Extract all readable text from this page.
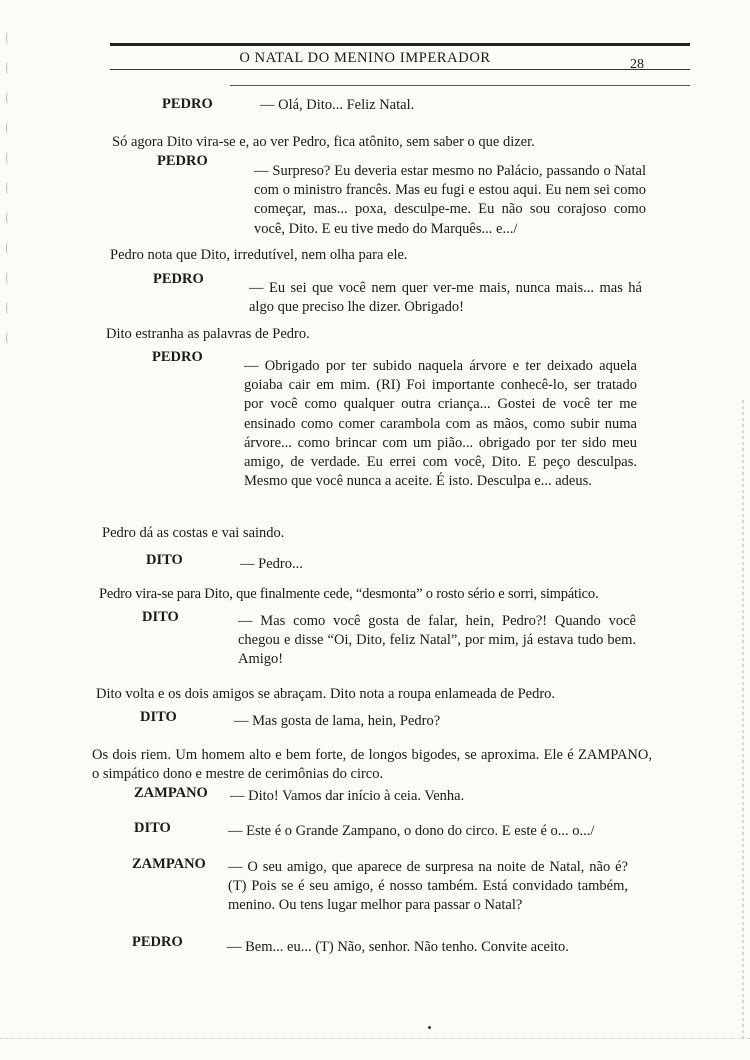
O NATAL DO MENINO IMPERADOR	28
PEDRO	— Olá, Dito... Feliz Natal.
Só agora Dito vira-se e, ao ver Pedro, fica atônito, sem saber o que dizer.
PEDRO
— Surpreso? Eu deveria estar mesmo no Palácio, passando o Natal com o ministro francês. Mas eu fugi e estou aqui. Eu nem sei como começar, mas... poxa, desculpe-me. Eu não sou corajoso como você, Dito. E eu tive medo do Marquês... e.../
Pedro nota que Dito, irredutível, nem olha para ele.
PEDRO
— Eu sei que você nem quer ver-me mais, nunca mais... mas há algo que preciso lhe dizer. Obrigado!
Dito estranha as palavras de Pedro.
PEDRO
— Obrigado por ter subido naquela árvore e ter deixado aquela goiaba cair em mim. (RI) Foi importante conhecê-lo, ser tratado por você como qualquer outra criança... Gostei de você ter me ensinado como comer carambola com as mãos, como subir numa árvore... como brincar com um pião... obrigado por ter sido meu amigo, de verdade. Eu errei com você, Dito. E peço desculpas. Mesmo que você nunca a aceite. É isto. Desculpa e... adeus.
Pedro dá as costas e vai saindo.
DITO	— Pedro...
Pedro vira-se para Dito, que finalmente cede, “desmonta” o rosto sério e sorri, simpático.
DITO	— Mas como você gosta de falar, hein, Pedro?! Quando você chegou e disse “Oi, Dito, feliz Natal”, por mim, já estava tudo bem. Amigo!
Dito volta e os dois amigos se abraçam. Dito nota a roupa enlameada de Pedro.
DITO	— Mas gosta de lama, hein, Pedro?
Os dois riem. Um homem alto e bem forte, de longos bigodes, se aproxima. Ele é ZAMPANO, o simpático dono e mestre de cerimônias do circo.
ZAMPANO — Dito! Vamos dar início à ceia. Venha.
DITO	— Este é o Grande Zampano, o dono do circo. E este é o... o.../
ZAMPANO — O seu amigo, que aparece de surpresa na noite de Natal, não é? (T) Pois se é seu amigo, é nosso também. Está convidado também, menino. Ou tens lugar melhor para passar o Natal?
PEDRO	— Bem... eu... (T) Não, senhor. Não tenho. Convite aceito.
